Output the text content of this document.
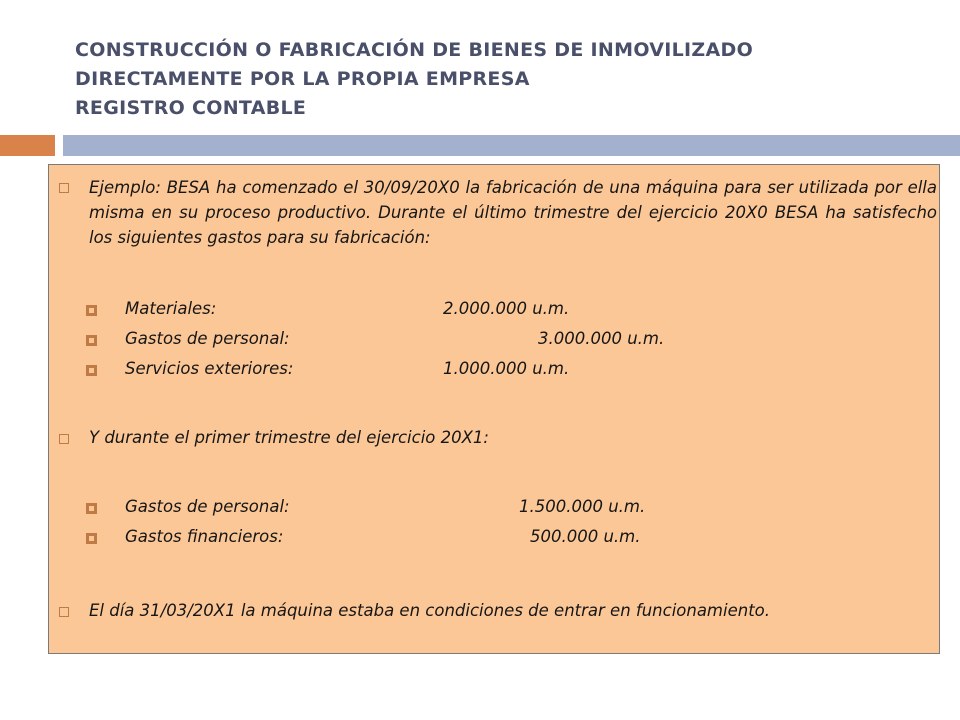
CONSTRUCCIÓN O FABRICACIÓN DE BIENES DE INMOVILIZADO
DIRECTAMENTE POR LA PROPIA EMPRESA
REGISTRO CONTABLE
Ejemplo: BESA ha comenzado el 30/09/20X0 la fabricación de una máquina para ser utilizada por ella misma en su proceso productivo. Durante el último trimestre del ejercicio 20X0 BESA ha satisfecho los siguientes gastos para su fabricación:
Materiales:	2.000.000 u.m.
Gastos de personal:	3.000.000 u.m.
Servicios exteriores:	1.000.000 u.m.
Y durante el primer trimestre del ejercicio 20X1:
Gastos de personal:	1.500.000 u.m.
Gastos financieros:	500.000 u.m.
El día 31/03/20X1 la máquina estaba en condiciones de entrar en funcionamiento.
